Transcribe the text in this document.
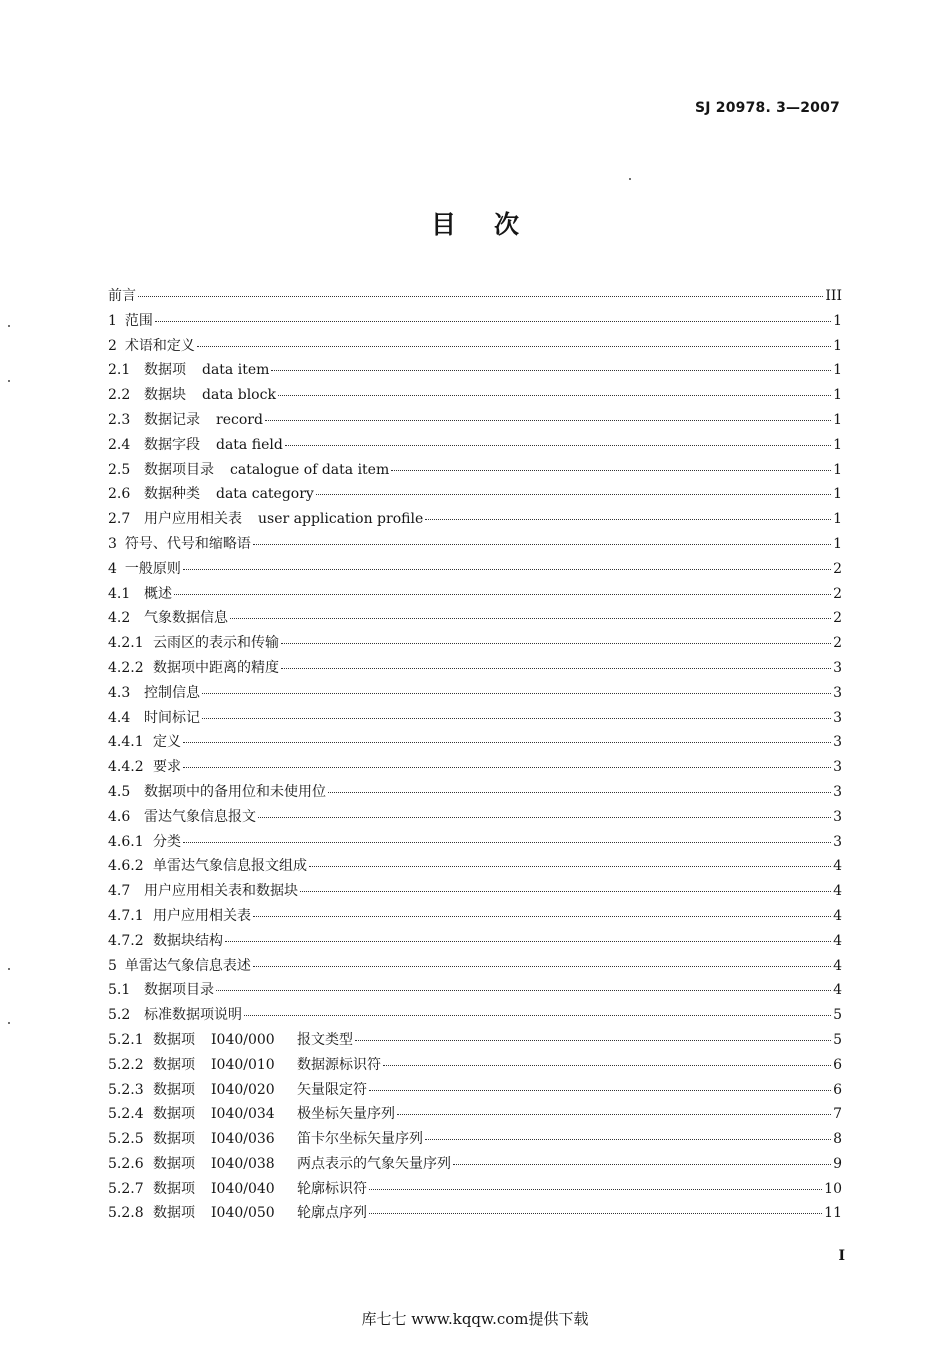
SJ 20978. 3—2007
目次
前言	III
1 范围	1
2 术语和定义	1
2.1 数据项	data item	1
2.2 数据块	data block	1
2.3 数据记录	record	1
2.4 数据字段	data field	1
2.5 数据项目录	catalogue of data item	1
2.6 数据种类	data category	1
2.7 用户应用相关表	user application profile	1
3 符号、代号和缩略语	1
4 一般原则	2
4.1 概述	2
4.2 气象数据信息	2
4.2.1 云雨区的表示和传输	2
4.2.2 数据项中距离的精度	3
4.3 控制信息	3
4.4 时间标记	3
4.4.1 定义	3
4.4.2 要求	3
4.5 数据项中的备用位和未使用位	3
4.6 雷达气象信息报文	3
4.6.1 分类	3
4.6.2 单雷达气象信息报文组成	4
4.7 用户应用相关表和数据块	4
4.7.1 用户应用相关表	4
4.7.2 数据块结构	4
5 单雷达气象信息表述	4
5.1 数据项目录	4
5.2 标准数据项说明	5
5.2.1 数据项	I040/000	报文类型	5
5.2.2 数据项	I040/010	数据源标识符	6
5.2.3 数据项	I040/020	矢量限定符	6
5.2.4 数据项	I040/034	极坐标矢量序列	7
5.2.5 数据项	I040/036	笛卡尔坐标矢量序列	8
5.2.6 数据项	I040/038	两点表示的气象矢量序列	9
5.2.7 数据项	I040/040	轮廓标识符	10
5.2.8 数据项	I040/050	轮廓点序列	11
I
库七七 www.kqqw.com提供下载
